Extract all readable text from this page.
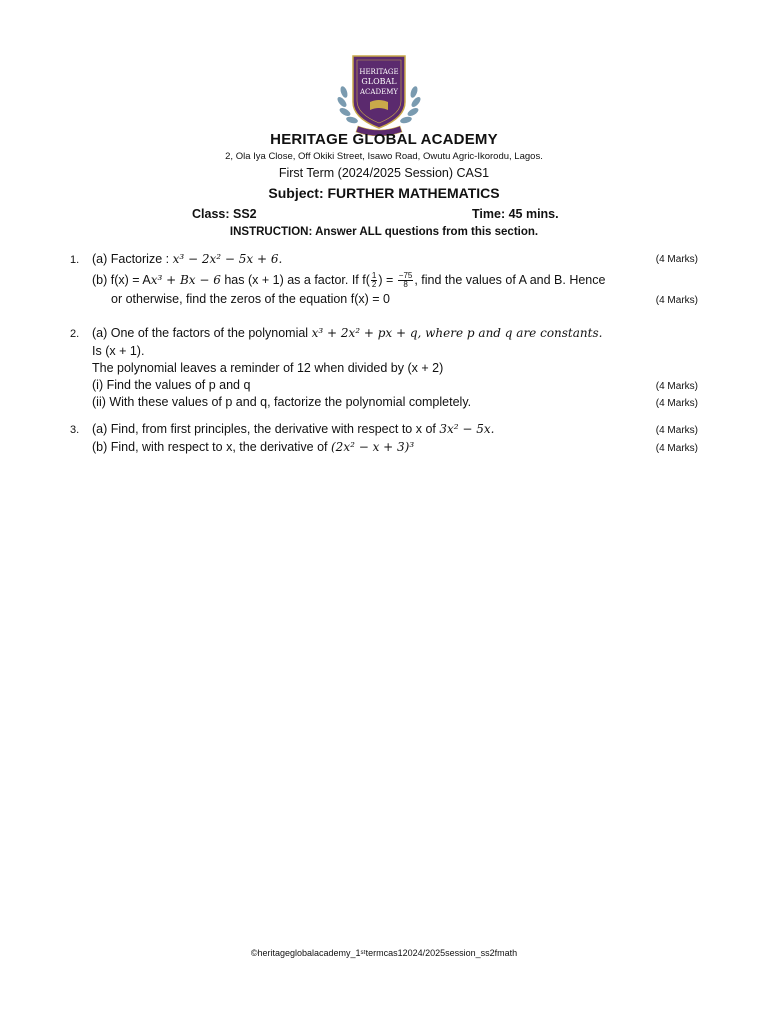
HERITAGE
GLOBAL
ACADEMY
HERITAGE GLOBAL ACADEMY
2, Ola Iya Close, Off Okiki Street, Isawo Road, Owutu Agric-Ikorodu, Lagos.
First Term (2024/2025 Session) CAS1
Subject: FURTHER MATHEMATICS
Class: SS2	Time: 45 mins.
INSTRUCTION: Answer ALL questions from this section.
1. (a) Factorize : x³ − 2x² − 5x + 6.	(4 Marks)
(b) f(x) = Ax³ + Bx − 6 has (x + 1) as a factor. If $f( \frac{1}{2}$ ) = $\frac{-75}{8}$ , find the values of A and B. Hence
or otherwise, find the zeros of the equation f(x) = 0	(4 Marks)
2. (a) One of the factors of the polynomial x³ + 2x² + px + q, where p and q are constants.
Is (x + 1).
The polynomial leaves a reminder of 12 when divided by (x + 2)
(i) Find the values of p and q	(4 Marks)
(ii) With these values of p and q, factorize the polynomial completely.	(4 Marks)
3. (a) Find, from first principles, the derivative with respect to x of 3x² − 5x.	(4 Marks)
(b) Find, with respect to x, the derivative of (2x² − x + 3)³	(4 Marks)
©heritageglobalacademy_1ˢᵗtermcas12024/2025session_ss2fmath
